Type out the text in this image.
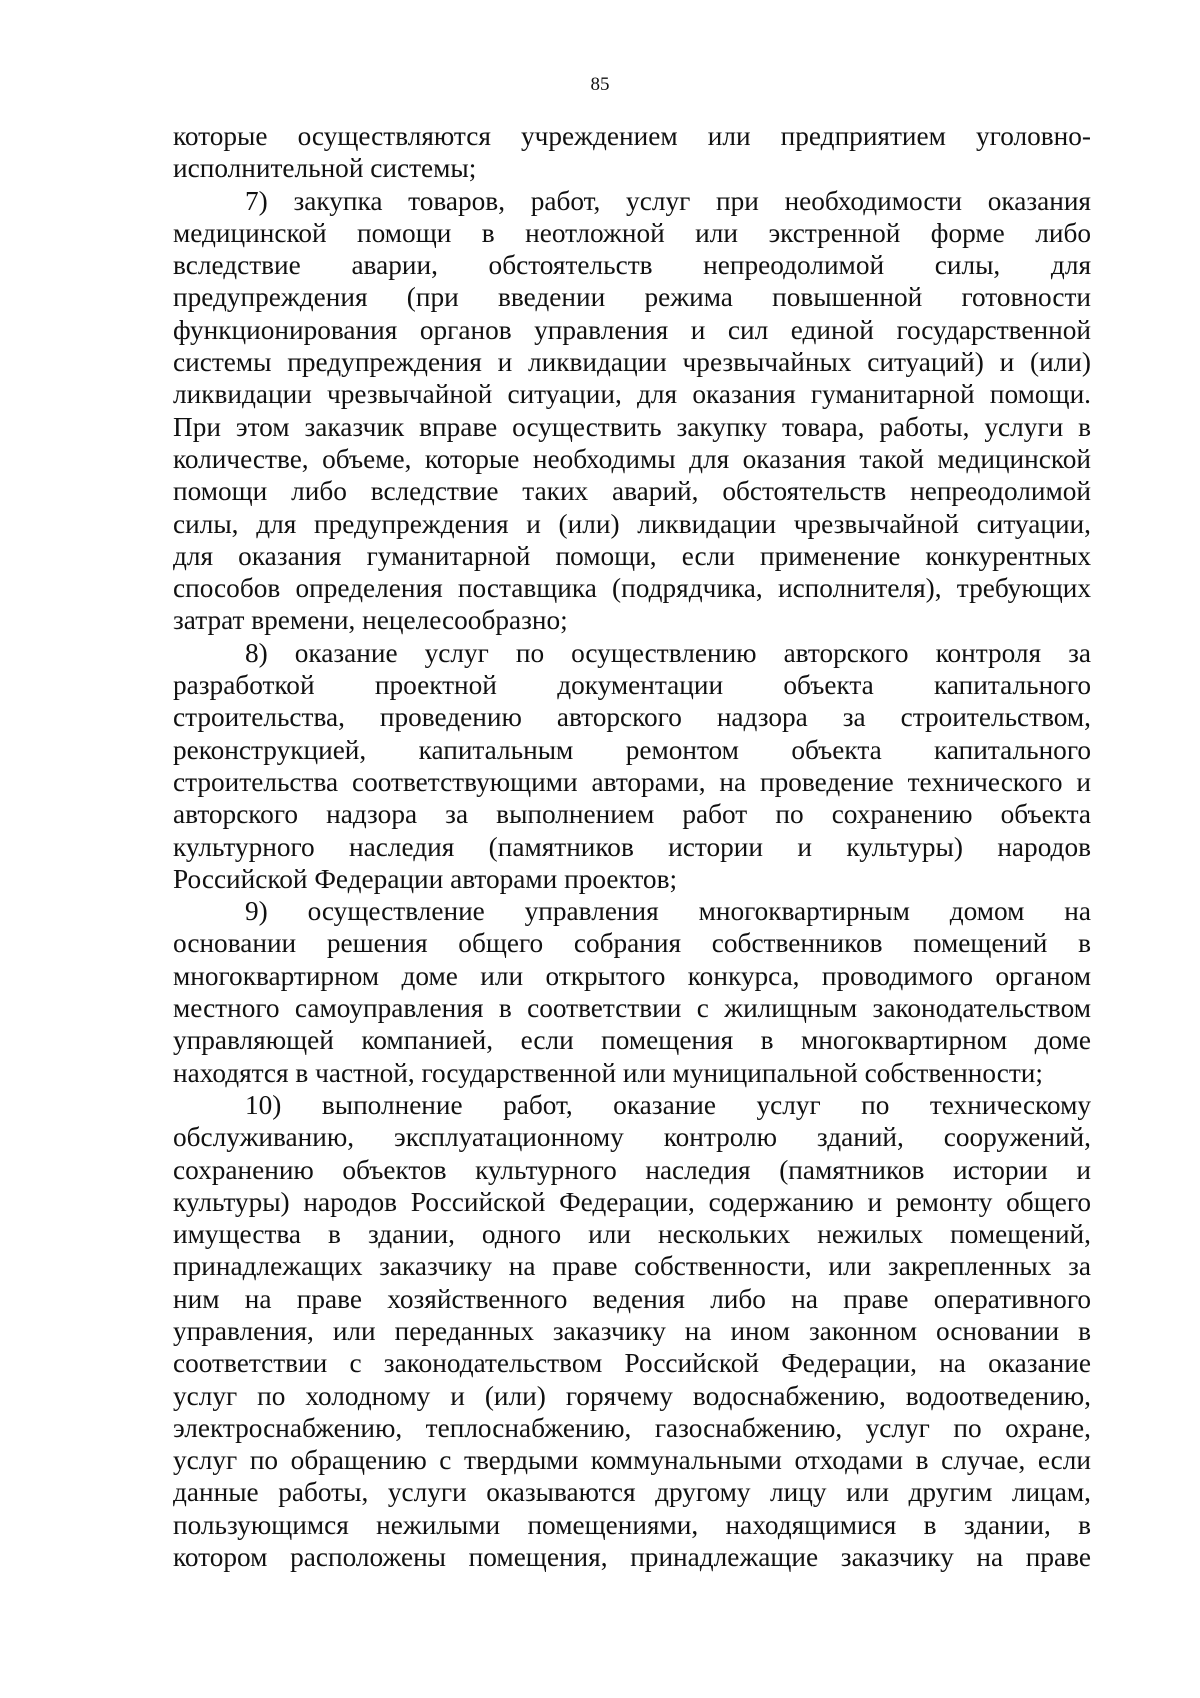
85
которые осуществляются учреждением или предприятием уголовно-
исполнительной системы;
7) закупка товаров, работ, услуг при необходимости оказания
медицинской помощи в неотложной или экстренной форме либо
вследствие аварии, обстоятельств непреодолимой силы, для
предупреждения (при введении режима повышенной готовности
функционирования органов управления и сил единой государственной
системы предупреждения и ликвидации чрезвычайных ситуаций) и (или)
ликвидации чрезвычайной ситуации, для оказания гуманитарной помощи.
При этом заказчик вправе осуществить закупку товара, работы, услуги в
количестве, объеме, которые необходимы для оказания такой медицинской
помощи либо вследствие таких аварий, обстоятельств непреодолимой
силы, для предупреждения и (или) ликвидации чрезвычайной ситуации,
для оказания гуманитарной помощи, если применение конкурентных
способов определения поставщика (подрядчика, исполнителя), требующих
затрат времени, нецелесообразно;
8) оказание услуг по осуществлению авторского контроля за
разработкой проектной документации объекта капитального
строительства, проведению авторского надзора за строительством,
реконструкцией, капитальным ремонтом объекта капитального
строительства соответствующими авторами, на проведение технического и
авторского надзора за выполнением работ по сохранению объекта
культурного наследия (памятников истории и культуры) народов
Российской Федерации авторами проектов;
9) осуществление управления многоквартирным домом на
основании решения общего собрания собственников помещений в
многоквартирном доме или открытого конкурса, проводимого органом
местного самоуправления в соответствии с жилищным законодательством
управляющей компанией, если помещения в многоквартирном доме
находятся в частной, государственной или муниципальной собственности;
10) выполнение работ, оказание услуг по техническому
обслуживанию, эксплуатационному контролю зданий, сооружений,
сохранению объектов культурного наследия (памятников истории и
культуры) народов Российской Федерации, содержанию и ремонту общего
имущества в здании, одного или нескольких нежилых помещений,
принадлежащих заказчику на праве собственности, или закрепленных за
ним на праве хозяйственного ведения либо на праве оперативного
управления, или переданных заказчику на ином законном основании в
соответствии с законодательством Российской Федерации, на оказание
услуг по холодному и (или) горячему водоснабжению, водоотведению,
электроснабжению, теплоснабжению, газоснабжению, услуг по охране,
услуг по обращению с твердыми коммунальными отходами в случае, если
данные работы, услуги оказываются другому лицу или другим лицам,
пользующимся нежилыми помещениями, находящимися в здании, в
котором расположены помещения, принадлежащие заказчику на праве
